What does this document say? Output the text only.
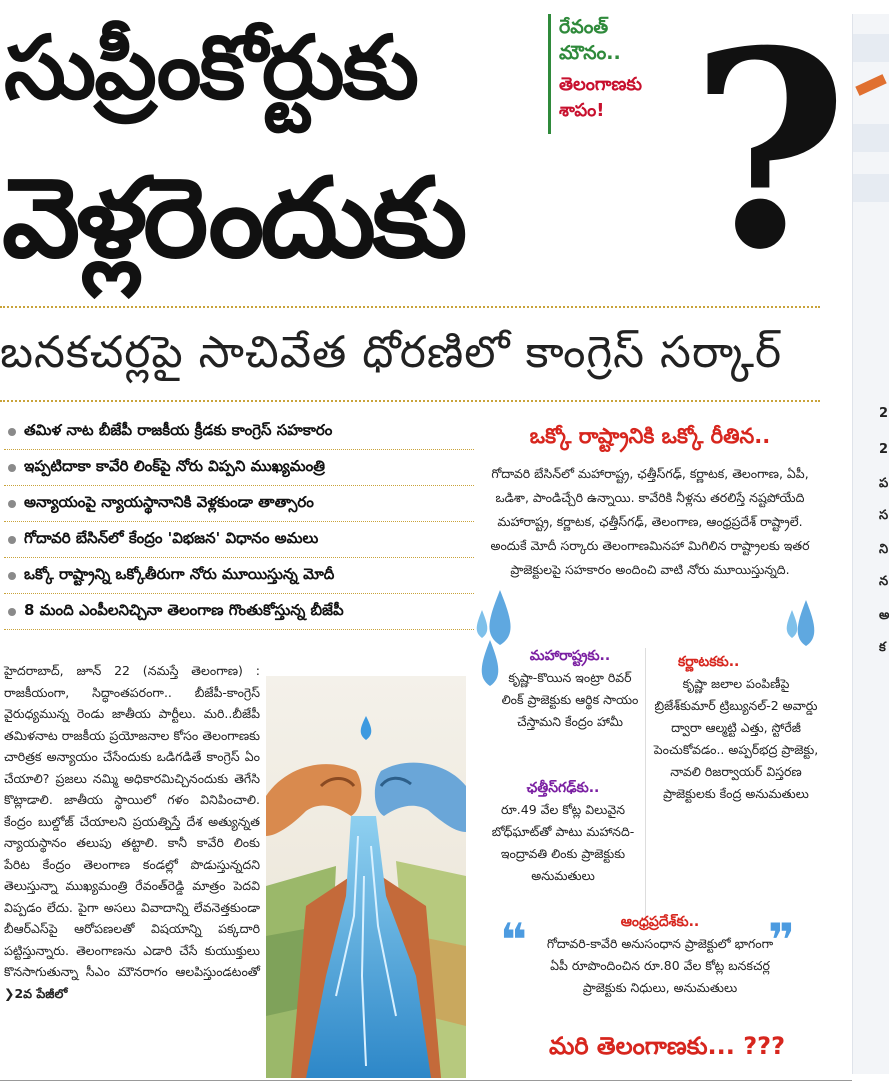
సుప్రీంకోర్టుకు
వెళ్లరెందుకు ?
రేవంత్
మౌనం..
తెలంగాణకు
శాపం!
బనకచర్లపై సాచివేత ధోరణిలో కాంగ్రెస్ సర్కార్
2
2
ప
స
ని
న
అ
క
తమిళ నాట బీజేపీ రాజకీయ క్రీడకు కాంగ్రెస్ సహకారం
ఇప్పటిదాకా కావేరి లింక్‌పై నోరు విప్పని ముఖ్యమంత్రి
అన్యాయంపై న్యాయస్థానానికి వెళ్లకుండా తాత్సారం
గోదావరి బేసిన్‌లో కేంద్రం 'విభజన' విధానం అమలు
ఒక్కో రాష్ట్రాన్ని ఒక్కోతీరుగా నోరు మూయిస్తున్న మోదీ
8 మంది ఎంపీలనిచ్చినా తెలంగాణ గొంతుకోస్తున్న బీజేపీ
హైదరాబాద్, జూన్ 22 (నమస్తే తెలంగాణ) : రాజకీయంగా, సిద్ధాంతపరంగా.. బీజేపీ-కాంగ్రెస్ వైరుధ్యమున్న రెండు జాతీయ పార్టీలు. మరి..బీజేపీ తమిళనాట రాజకీయ ప్రయోజనాల కోసం తెలంగాణకు చారిత్రక అన్యాయం చేసేందుకు ఒడిగడితే కాంగ్రెస్ ఏం చేయాలి? ప్రజలు నమ్మి అధికారమిచ్చినందుకు తెగేసి కొట్లాడాలి. జాతీయ స్థాయిలో గళం వినిపించాలి. కేంద్రం బుల్డోజ్ చేయాలని ప్రయత్నిస్తే దేశ అత్యున్నత న్యాయస్థానం తలుపు తట్టాలి. కానీ కావేరి లింకు పేరిట కేంద్రం తెలంగాణ కండల్లో పొడుస్తున్నదని తెలుస్తున్నా ముఖ్యమంత్రి రేవంత్‌రెడ్డి మాత్రం పెదవి విప్పడం లేదు. పైగా అసలు వివాదాన్ని లేవనెత్తకుండా బీఆర్‌ఎస్‌పై ఆరోపణలతో విషయాన్ని పక్కదారి పట్టిస్తున్నారు. తెలంగాణను ఎడారి చేసే కుయుక్తులు కొనసాగుతున్నా సీఎం మౌనరాగం ఆలపిస్తుండటంతో ❯2వ పేజీలో
ఒక్కో రాష్ట్రానికి ఒక్కో రీతిన..
గోదావరి బేసిన్‌లో మహారాష్ట్ర, ఛత్తీస్‌గఢ్, కర్ణాటక, తెలంగాణ, ఏపీ, ఒడిశా, పాండిచ్చేరి ఉన్నాయి. కావేరికి నీళ్లను తరలిస్తే నష్టపోయేది మహారాష్ట్ర, కర్ణాటక, ఛత్తీస్‌గఢ్, తెలంగాణ, ఆంధ్రప్రదేశ్ రాష్ట్రాలే. అందుకే మోదీ సర్కారు తెలంగాణమినహా మిగిలిన రాష్ట్రాలకు ఇతర ప్రాజెక్టులపై సహకారం అందించి వాటి నోరు మూయిస్తున్నది.
మహారాష్ట్రకు..
కృష్ణా-కొయిన ఇంట్రా రివర్ లింక్ ప్రాజెక్టుకు ఆర్థిక సాయం చేస్తామని కేంద్రం హామీ
కర్ణాటకకు..
కృష్ణా జలాల పంపిణీపై బ్రిజేశ్‌కుమార్ ట్రిబ్యునల్-2 అవార్డు ద్వారా ఆల్మట్టి ఎత్తు, స్టోరేజీ పెంచుకోవడం.. అప్పర్‌భద్ర ప్రాజెక్టు, నావలి రిజర్వాయర్ విస్తరణ ప్రాజెక్టులకు కేంద్ర అనుమతులు
ఛత్తీస్‌గఢ్‌కు..
రూ.49 వేల కోట్ల విలువైన బోధ్‌ఘాట్‌తో పాటు మహానది-ఇంద్రావతి లింకు ప్రాజెక్టుకు అనుమతులు
❝	❞
ఆంధ్రప్రదేశ్‌కు..
గోదావరి-కావేరి అనుసంధాన ప్రాజెక్టులో భాగంగా ఏపీ రూపొందించిన రూ.80 వేల కోట్ల బనకచర్ల ప్రాజెక్టుకు నిధులు, అనుమతులు
మరి తెలంగాణకు... ???
